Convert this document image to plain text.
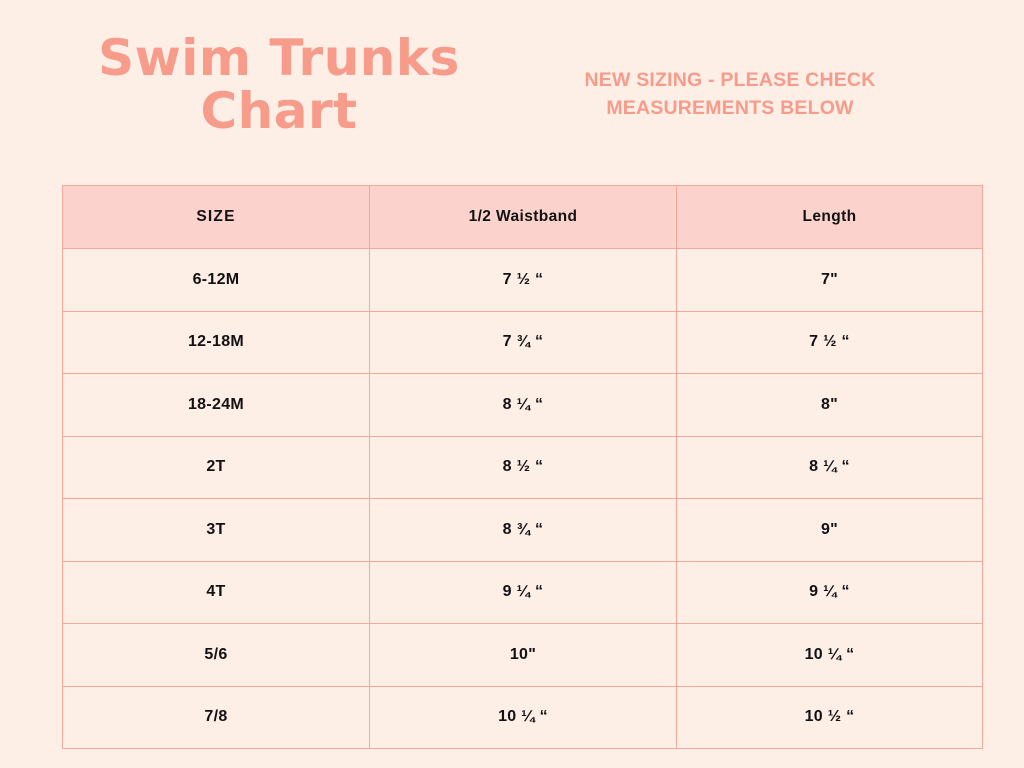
Swim Trunks Chart
NEW SIZING - PLEASE CHECK MEASUREMENTS BELOW
SIZE	1/2 Waistband	Length
6-12M	7 ½ “	7"
12-18M	7 ¾ “	7 ½ “
18-24M	8 ¼ “	8"
2T	8 ½ “	8 ¼ “
3T	8 ¾ “	9"
4T	9 ¼ “	9 ¼ “
5/6	10"	10 ¼ “
7/8	10 ¼ “	10 ½ “
